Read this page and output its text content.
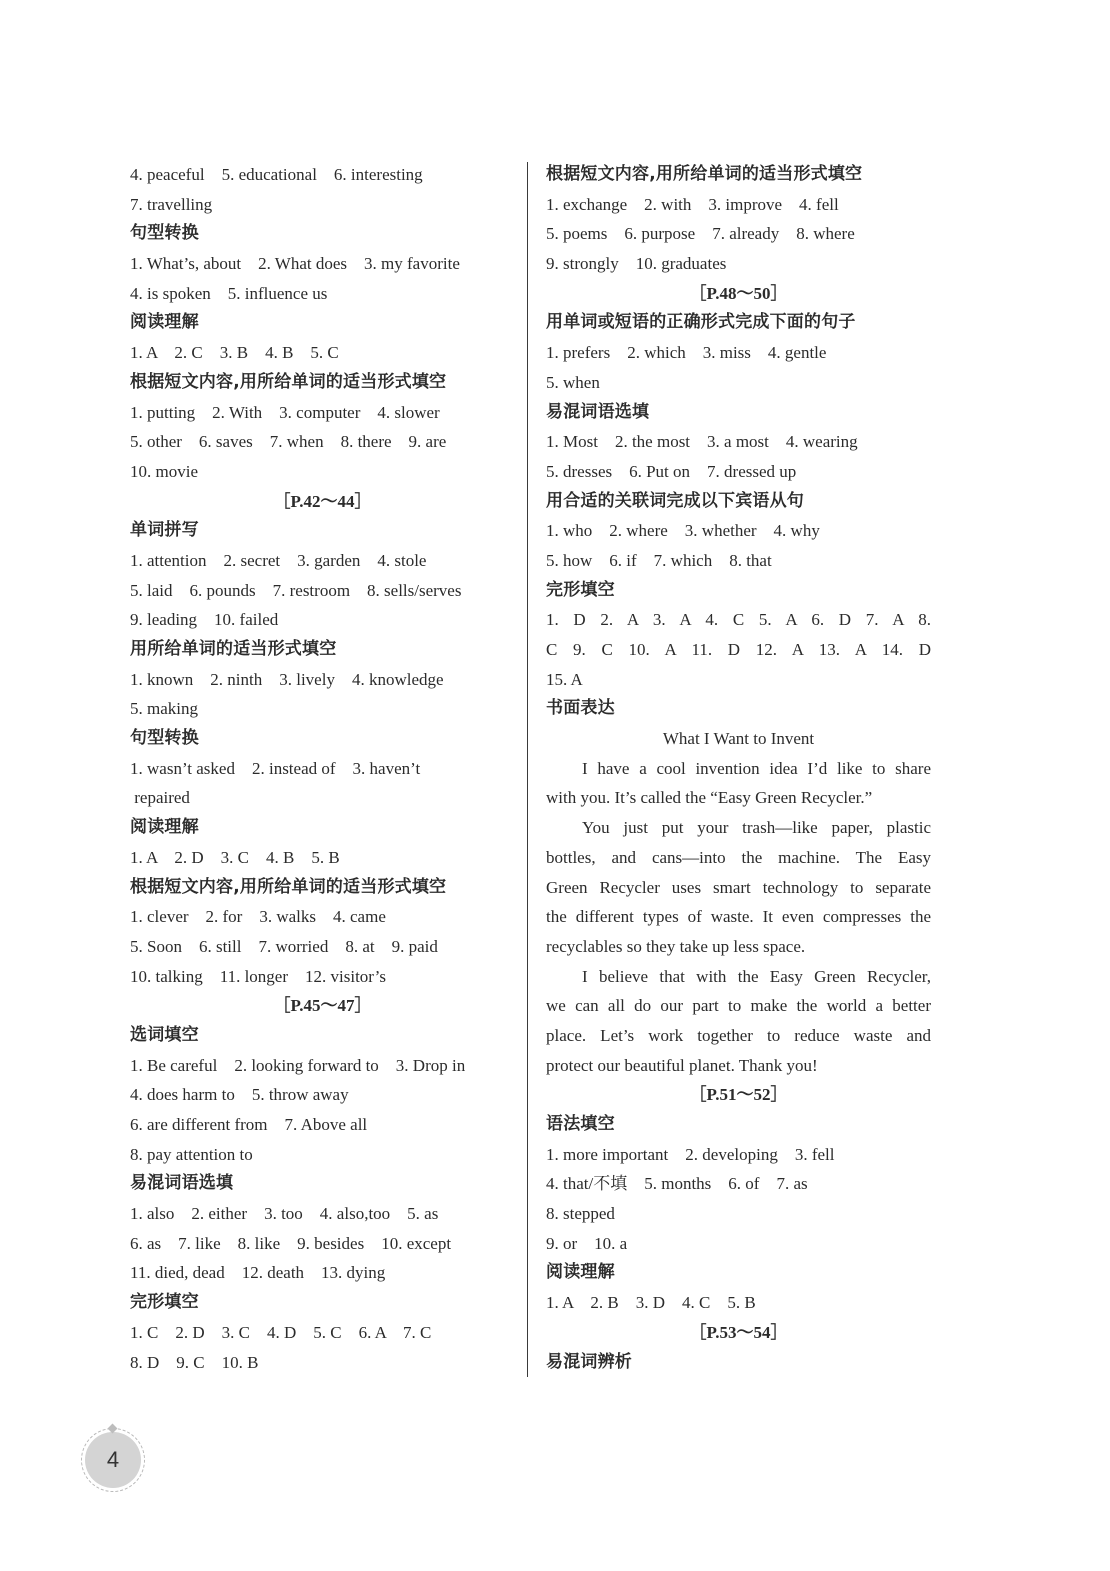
4. peaceful    5. educational    6. interesting
7. travelling
句型转换
1. What’s, about    2. What does    3. my favorite
4. is spoken    5. influence us
阅读理解
1. A    2. C    3. B    4. B    5. C
根据短文内容,用所给单词的适当形式填空
1. putting    2. With    3. computer    4. slower
5. other    6. saves    7. when    8. there    9. are
10. movie
［P.42～44］
单词拼写
1. attention    2. secret    3. garden    4. stole
5. laid    6. pounds    7. restroom    8. sells/serves
9. leading    10. failed
用所给单词的适当形式填空
1. known    2. ninth    3. lively    4. knowledge
5. making
句型转换
1. wasn’t asked    2. instead of    3. haven’t
repaired
阅读理解
1. A    2. D    3. C    4. B    5. B
根据短文内容,用所给单词的适当形式填空
1. clever    2. for    3. walks    4. came
5. Soon    6. still    7. worried    8. at    9. paid
10. talking    11. longer    12. visitor’s
［P.45～47］
选词填空
1. Be careful    2. looking forward to    3. Drop in
4. does harm to    5. throw away
6. are different from    7. Above all
8. pay attention to
易混词语选填
1. also    2. either    3. too    4. also,too    5. as
6. as    7. like    8. like    9. besides    10. except
11. died, dead    12. death    13. dying
完形填空
1. C    2. D    3. C    4. D    5. C    6. A    7. C
8. D    9. C    10. B
根据短文内容,用所给单词的适当形式填空
1. exchange    2. with    3. improve    4. fell
5. poems    6. purpose    7. already    8. where
9. strongly    10. graduates
［P.48～50］
用单词或短语的正确形式完成下面的句子
1. prefers    2. which    3. miss    4. gentle
5. when
易混词语选填
1. Most    2. the most    3. a most    4. wearing
5. dresses    6. Put on    7. dressed up
用合适的关联词完成以下宾语从句
1. who    2. where    3. whether    4. why
5. how    6. if    7. which    8. that
完形填空
1. D 2. A 3. A 4. C 5. A 6. D 7. A 8.
C 9. C 10. A 11. D 12. A 13. A 14. D
15. A
书面表达
What I Want to Invent
I have a cool invention idea I’d like to share
with you. It’s called the “Easy Green Recycler.”
You just put your trash—like paper, plastic
bottles, and cans—into the machine. The Easy
Green Recycler uses smart technology to separate
the different types of waste. It even compresses the
recyclables so they take up less space.
I believe that with the Easy Green Recycler,
we can all do our part to make the world a better
place. Let’s work together to reduce waste and
protect our beautiful planet. Thank you!
［P.51～52］
语法填空
1. more important    2. developing    3. fell
4. that/不填    5. months    6. of    7. as
8. stepped
9. or    10. a
阅读理解
1. A    2. B    3. D    4. C    5. B
［P.53～54］
易混词辨析
4
